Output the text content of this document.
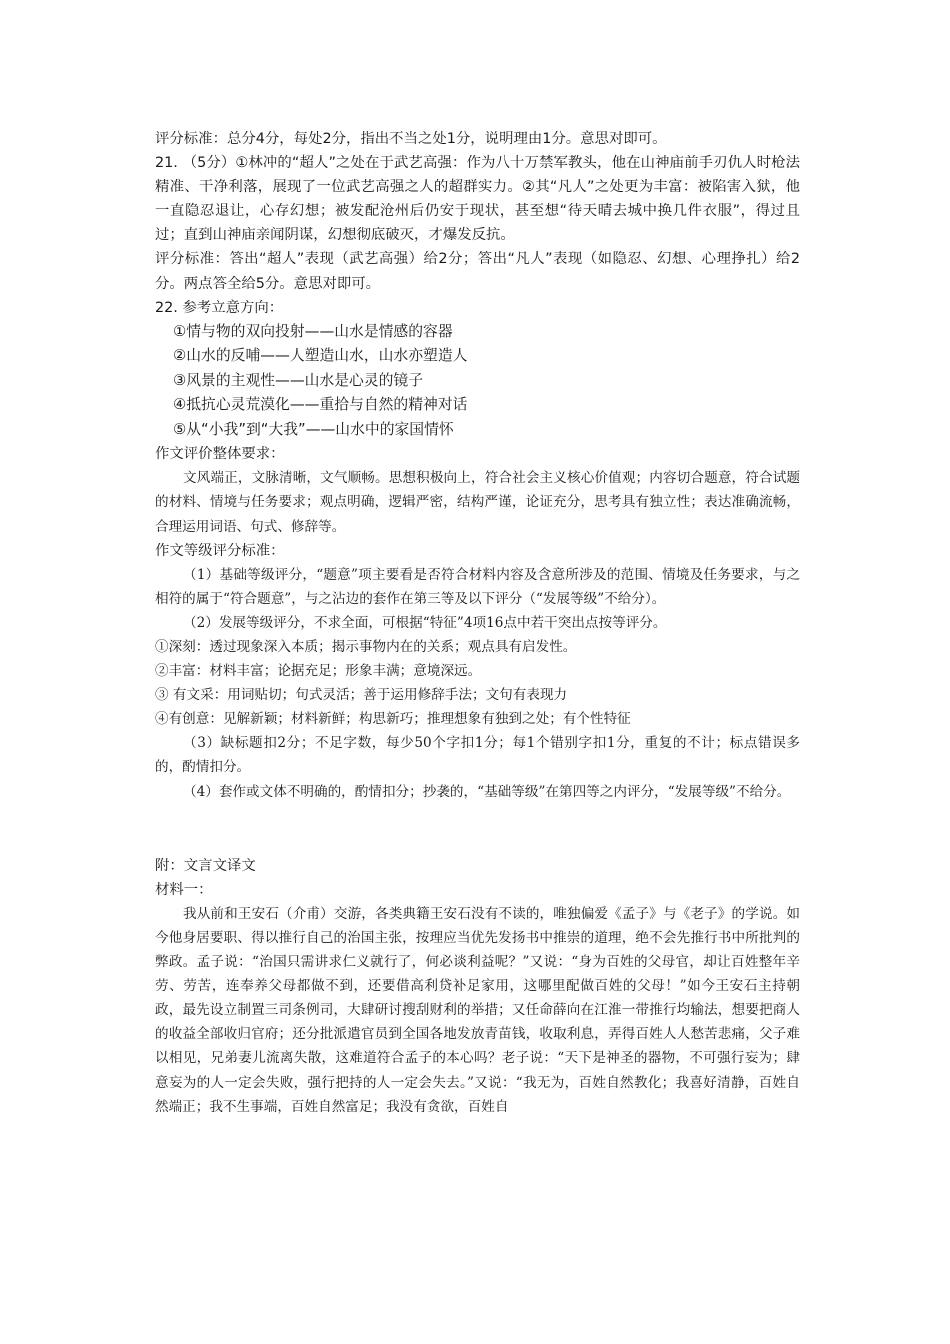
评分标准：总分4分，每处2分，指出不当之处1分，说明理由1分。意思对即可。

21. （5分）①林冲的“超人”之处在于武艺高强：作为八十万禁军教头，他在山神庙前手刃仇人时枪法精准、干净利落，展现了一位武艺高强之人的超群实力。②其“凡人”之处更为丰富：被陷害入狱，他一直隐忍退让，心存幻想；被发配沧州后仍安于现状，甚至想“待天晴去城中换几件衣服”，得过且过；直到山神庙亲闻阴谋，幻想彻底破灭，才爆发反抗。

评分标准：答出“超人”表现（武艺高强）给2分；答出“凡人”表现（如隐忍、幻想、心理挣扎）给2分。两点答全给5分。意思对即可。

22. 参考立意方向：

①情与物的双向投射——山水是情感的容器

②山水的反哺——人塑造山水，山水亦塑造人

③风景的主观性——山水是心灵的镜子

④抵抗心灵荒漠化——重拾与自然的精神对话

⑤从“小我”到“大我”——山水中的家国情怀

作文评价整体要求：

文风端正，文脉清晰，文气顺畅。思想积极向上，符合社会主义核心价值观；内容切合题意，符合试题的材料、情境与任务要求；观点明确，逻辑严密，结构严谨，论证充分，思考具有独立性；表达准确流畅，合理运用词语、句式、修辞等。

作文等级评分标准：

（1）基础等级评分，“题意”项主要看是否符合材料内容及含意所涉及的范围、情境及任务要求，与之相符的属于“符合题意”，与之沾边的套作在第三等及以下评分（“发展等级”不给分）。

（2）发展等级评分，不求全面，可根据“特征”4项16点中若干突出点按等评分。

①深刻：透过现象深入本质；揭示事物内在的关系；观点具有启发性。

②丰富：材料丰富；论据充足；形象丰满；意境深远。

③ 有文采：用词贴切；句式灵活；善于运用修辞手法；文句有表现力

④有创意：见解新颖；材料新鲜；构思新巧；推理想象有独到之处；有个性特征

（3）缺标题扣2分；不足字数，每少50个字扣1分；每1个错别字扣1分，重复的不计；标点错误多的，酌情扣分。

（4）套作或文体不明确的，酌情扣分；抄袭的，“基础等级”在第四等之内评分，“发展等级”不给分。

附：文言文译文

材料一：

我从前和王安石（介甫）交游，各类典籍王安石没有不读的，唯独偏爱《孟子》与《老子》的学说。如今他身居要职、得以推行自己的治国主张，按理应当优先发扬书中推崇的道理，绝不会先推行书中所批判的弊政。孟子说：“治国只需讲求仁义就行了，何必谈利益呢？”又说：“身为百姓的父母官，却让百姓整年辛劳、劳苦，连奉养父母都做不到，还要借高利贷补足家用，这哪里配做百姓的父母！”如今王安石主持朝政，最先设立制置三司条例司，大肆研讨搜刮财利的举措；又任命薛向在江淮一带推行均输法，想要把商人的收益全部收归官府；还分批派遣官员到全国各地发放青苗钱，收取利息，弄得百姓人人愁苦悲痛，父子难以相见，兄弟妻儿流离失散，这难道符合孟子的本心吗？老子说：“天下是神圣的器物，不可强行妄为；肆意妄为的人一定会失败，强行把持的人一定会失去。”又说：“我无为，百姓自然教化；我喜好清静，百姓自然端正；我不生事端，百姓自然富足；我没有贪欲，百姓自
